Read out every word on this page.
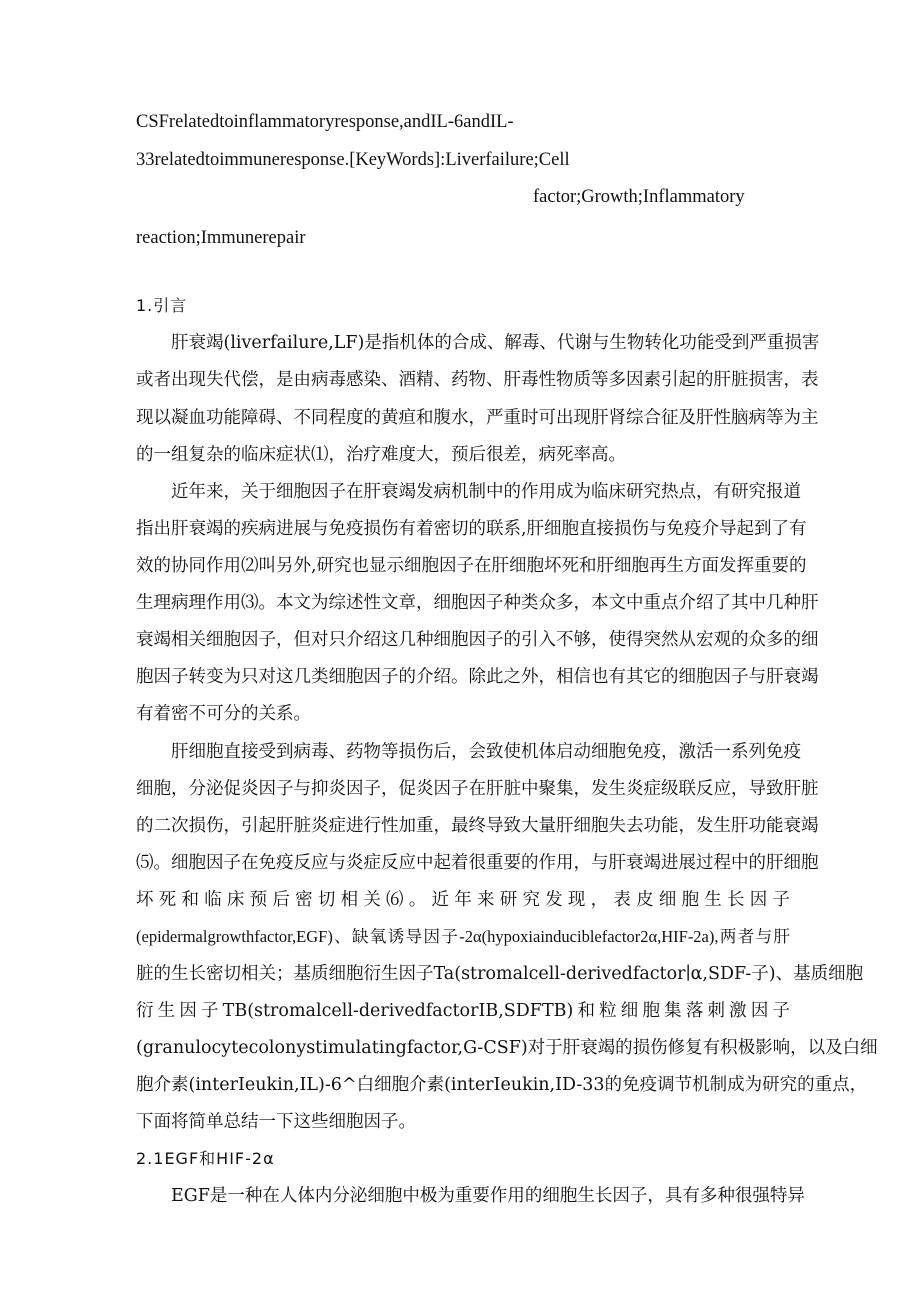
CSFrelatedtoinflammatoryresponse,andIL-6andIL-
33relatedtoimmuneresponse.[KeyWords]:Liverfailure;Cell
factor;Growth;Inflammatory
reaction;Immunerepair
1.引言
肝衰竭(liverfailure,LF)是指机体的合成、解毒、代谢与生物转化功能受到严重损害
或者出现失代偿，是由病毒感染、酒精、药物、肝毒性物质等多因素引起的肝脏损害，表
现以凝血功能障碍、不同程度的黄疸和腹水，严重时可出现肝肾综合征及肝性脑病等为主
的一组复杂的临床症状⑴，治疗难度大，预后很差，病死率高。
近年来，关于细胞因子在肝衰竭发病机制中的作用成为临床研究热点，有研究报道
指出肝衰竭的疾病进展与免疫损伤有着密切的联系,肝细胞直接损伤与免疫介导起到了有
效的协同作用⑵叫另外,研究也显示细胞因子在肝细胞坏死和肝细胞再生方面发挥重要的
生理病理作用⑶。本文为综述性文章，细胞因子种类众多，本文中重点介绍了其中几种肝
衰竭相关细胞因子，但对只介绍这几种细胞因子的引入不够，使得突然从宏观的众多的细
胞因子转变为只对这几类细胞因子的介绍。除此之外，相信也有其它的细胞因子与肝衰竭
有着密不可分的关系。
肝细胞直接受到病毒、药物等损伤后，会致使机体启动细胞免疫，激活一系列免疫
细胞，分泌促炎因子与抑炎因子，促炎因子在肝脏中聚集，发生炎症级联反应，导致肝脏
的二次损伤，引起肝脏炎症进行性加重，最终导致大量肝细胞失去功能，发生肝功能衰竭
⑸。细胞因子在免疫反应与炎症反应中起着很重要的作用，与肝衰竭进展过程中的肝细胞
坏死和临床预后密切相关⑹。近年来研究发现，表皮细胞生长因子
(epidermalgrowthfactor,EGF)、缺氧诱导因子-2α(hypoxiainduciblefactor2α,HIF-2a),两者与肝
脏的生长密切相关；基质细胞衍生因子Ta(stromalcell-derivedfactor∣α,SDF-子)、基质细胞
衍生因子TB(stromalcell-derivedfactorIB,SDFTB)和粒细胞集落刺激因子
(granulocytecolonystimulatingfactor,G-CSF)对于肝衰竭的损伤修复有积极影响，以及白细
胞介素(interIeukin,IL)-6^白细胞介素(interIeukin,ID-33的免疫调节机制成为研究的重点，
下面将简单总结一下这些细胞因子。
2.1EGF和HIF-2α
EGF是一种在人体内分泌细胞中极为重要作用的细胞生长因子，具有多种很强特异
